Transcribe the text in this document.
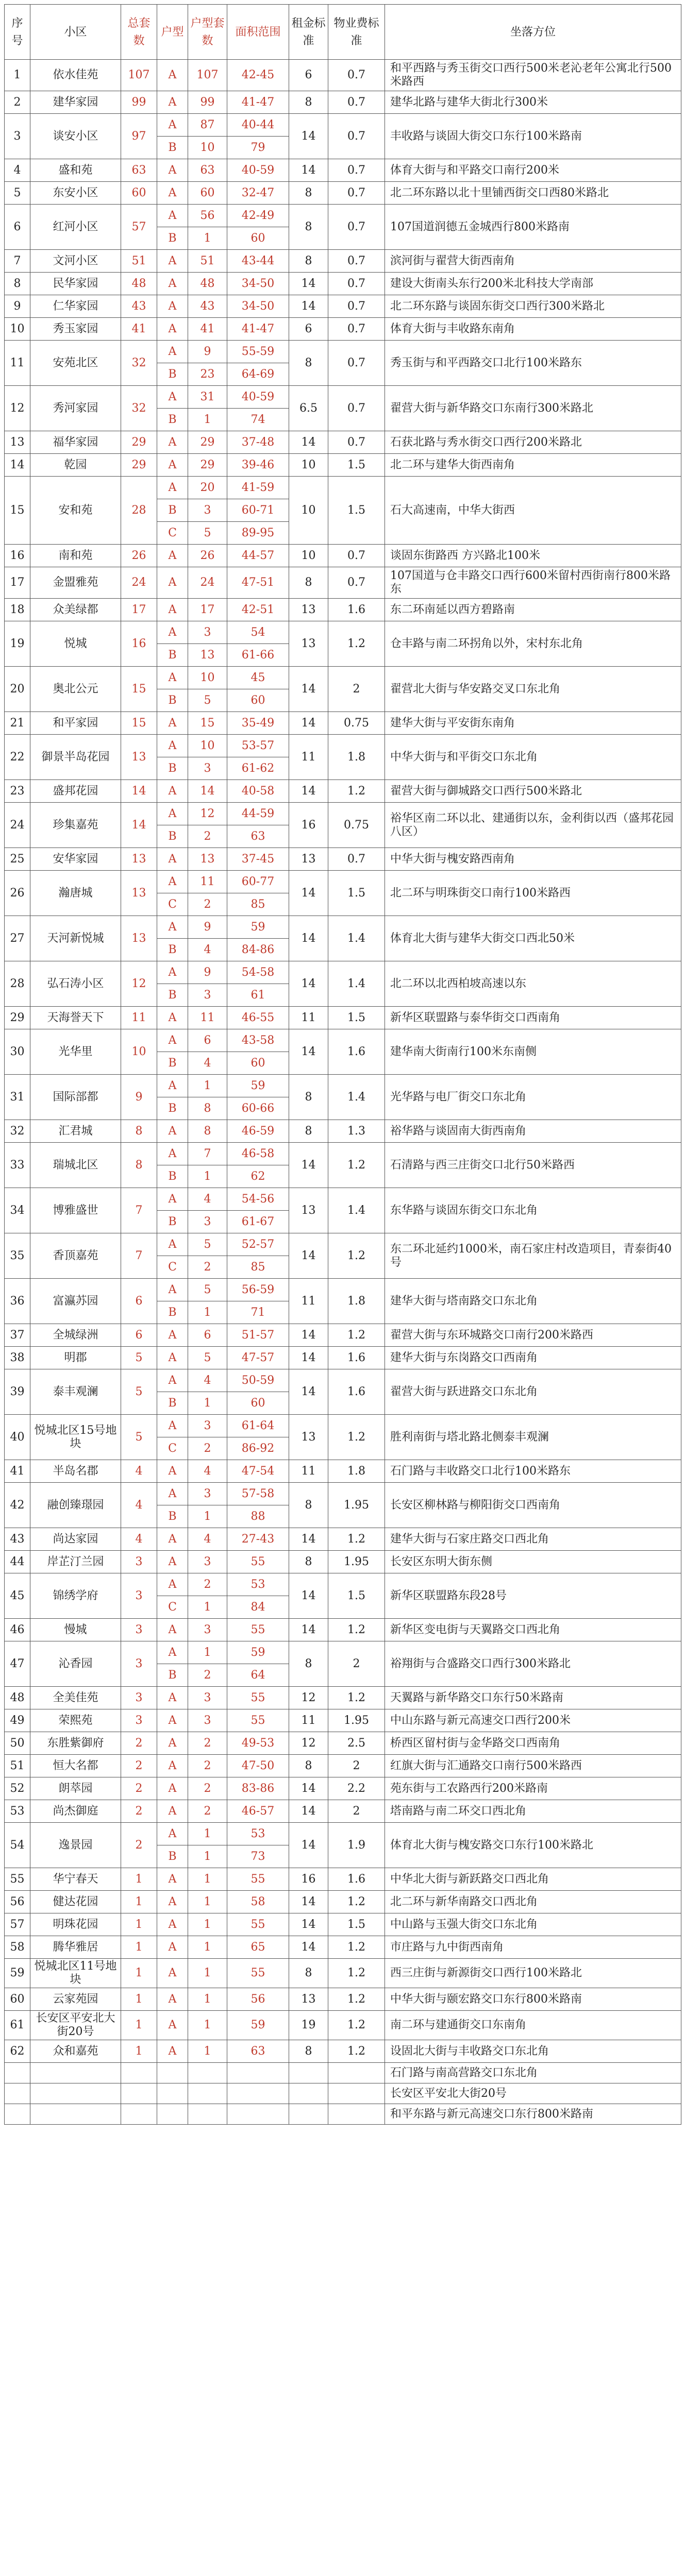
序号	小区	总套数	户型	户型套数	面积范围	租金标准	物业费标准	坐落方位
1	依水佳苑	107	A	107	42-45	6	0.7	和平西路与秀玉街交口西行500米老沁老年公寓北行500米路西
2	建华家园	99	A	99	41-47	8	0.7	建华北路与建华大街北行300米
3	谈安小区	97	A	87	40-44	14	0.7	丰收路与谈固大街交口东行100米路南
			B	10	79			
4	盛和苑	63	A	63	40-59	14	0.7	体育大街与和平路交口南行200米
5	东安小区	60	A	60	32-47	8	0.7	北二环东路以北十里铺西街交口西80米路北
6	红河小区	57	A	56	42-49	8	0.7	107国道润德五金城西行800米路南
			B	1	60			
7	文河小区	51	A	51	43-44	8	0.7	滨河街与翟营大街西南角
8	民华家园	48	A	48	34-50	14	0.7	建设大街南头东行200米北科技大学南部
9	仁华家园	43	A	43	34-50	14	0.7	北二环东路与谈固东街交口西行300米路北
10	秀玉家园	41	A	41	41-47	6	0.7	体育大街与丰收路东南角
11	安苑北区	32	A	9	55-59	8	0.7	秀玉街与和平西路交口北行100米路东
			B	23	64-69			
12	秀河家园	32	A	31	40-59	6.5	0.7	翟营大街与新华路交口东南行300米路北
			B	1	74			
13	福华家园	29	A	29	37-48	14	0.7	石获北路与秀水街交口西行200米路北
14	乾园	29	A	29	39-46	10	1.5	北二环与建华大街西南角
15	安和苑	28	A	20	41-59	10	1.5	石大高速南，中华大街西
			B	3	60-71			
			C	5	89-95			
16	南和苑	26	A	26	44-57	10	0.7	谈固东街路西 方兴路北100米
17	金盟雅苑	24	A	24	47-51	8	0.7	107国道与仓丰路交口西行600米留村西街南行800米路东
18	众美绿都	17	A	17	42-51	13	1.6	东二环南延以西方碧路南
19	悦城	16	A	3	54	13	1.2	仓丰路与南二环拐角以外，宋村东北角
			B	13	61-66			
20	奥北公元	15	A	10	45	14	2	翟营北大街与华安路交叉口东北角
			B	5	60			
21	和平家园	15	A	15	35-49	14	0.75	建华大街与平安街东南角
22	御景半岛花园	13	A	10	53-57	11	1.8	中华大街与和平街交口东北角
			B	3	61-62			
23	盛邦花园	14	A	14	40-58	14	1.2	翟营大街与御城路交口西行500米路北
24	珍集嘉苑	14	A	12	44-59	16	0.75	裕华区南二环以北、建通街以东，金利街以西（盛邦花园八区）
			B	2	63			
25	安华家园	13	A	13	37-45	13	0.7	中华大街与槐安路西南角
26	瀚唐城	13	A	11	60-77	14	1.5	北二环与明珠街交口南行100米路西
			C	2	85			
27	天河新悦城	13	A	9	59	14	1.4	体育北大街与建华大街交口西北50米
			B	4	84-86			
28	弘石涛小区	12	A	9	54-58	14	1.4	北二环以北西柏坡高速以东
			B	3	61			
29	天海誉天下	11	A	11	46-55	11	1.5	新华区联盟路与泰华街交口西南角
30	光华里	10	A	6	43-58	14	1.6	建华南大街南行100米东南侧
			B	4	60			
31	国际部都	9	A	1	59	8	1.4	光华路与电厂街交口东北角
			B	8	60-66			
32	汇君城	8	A	8	46-59	8	1.3	裕华路与谈固南大街西南角
33	瑞城北区	8	A	7	46-58	14	1.2	石清路与西三庄街交口北行50米路西
			B	1	62			
34	博雅盛世	7	A	4	54-56	13	1.4	东华路与谈固东街交口东北角
			B	3	61-67			
35	香顶嘉苑	7	A	5	52-57	14	1.2	东二环北延约1000米，南石家庄村改造项目，青泰街40号
			C	2	85			
36	富瀛苏园	6	A	5	56-59	11	1.8	建华大街与塔南路交口东北角
			B	1	71			
37	全城绿洲	6	A	6	51-57	14	1.2	翟营大街与东环城路交口南行200米路西
38	明郡	5	A	5	47-57	14	1.6	建华大街与东岗路交口西南角
39	泰丰观澜	5	A	4	50-59	14	1.6	翟营大街与跃进路交口东北角
			B	1	60			
40	悦城北区15号地块	5	A	3	61-64	13	1.2	胜利南街与塔北路北侧泰丰观澜
			C	2	86-92			
41	半岛名郡	4	A	4	47-54	11	1.8	石门路与丰收路交口北行100米路东
42	融创臻璟园	4	A	3	57-58	8	1.95	长安区柳林路与柳阳街交口西南角
			B	1	88			
43	尚达家园	4	A	4	27-43	14	1.2	建华大街与石家庄路交口西北角
44	岸芷汀兰园	3	A	3	55	8	1.95	长安区东明大街东侧
45	锦绣学府	3	A	2	53	14	1.5	新华区联盟路东段28号
			C	1	84			
46	慢城	3	A	3	55	14	1.2	新华区变电街与天翼路交口西北角
47	沁香园	3	A	1	59	8	2	裕翔街与合盛路交口西行300米路北
			B	2	64			
48	全美佳苑	3	A	3	55	12	1.2	天翼路与新华路交口东行50米路南
49	荣熙苑	3	A	3	55	11	1.95	中山东路与新元高速交口西行200米
50	东胜紫御府	2	A	2	49-53	12	2.5	桥西区留村街与金华路交口西南角
51	恒大名都	2	A	2	47-50	8	2	红旗大街与汇通路交口南行500米路西
52	朗萃园	2	A	2	83-86	14	2.2	苑东街与工农路西行200米路南
53	尚杰御庭	2	A	2	46-57	14	2	塔南路与南二环交口西北角
54	逸景园	2	A	1	53	14	1.9	体育北大街与槐安路交口东行100米路北
			B	1	73			
55	华宁春天	1	A	1	55	16	1.6	中华北大街与新跃路交口西北角
56	健达花园	1	A	1	58	14	1.2	北二环与新华南路交口西北角
57	明珠花园	1	A	1	55	14	1.5	中山路与玉强大街交口东北角
58	腾华雅居	1	A	1	65	14	1.2	市庄路与九中街西南角
59	悦城北区11号地块	1	A	1	55	8	1.2	西三庄街与新源街交口西行100米路北
60	云家苑园	1	A	1	56	13	1.2	中华大街与颐宏路交口东行800米路南
61	长安区平安北大街20号	1	A	1	59	19	1.2	南二环与建通街交口东南角
62	众和嘉苑	1	A	1	63	8	1.2	设固北大街与丰收路交口东北角
								石门路与南高营路交口东北角
								长安区平安北大街20号
								和平东路与新元高速交口东行800米路南
